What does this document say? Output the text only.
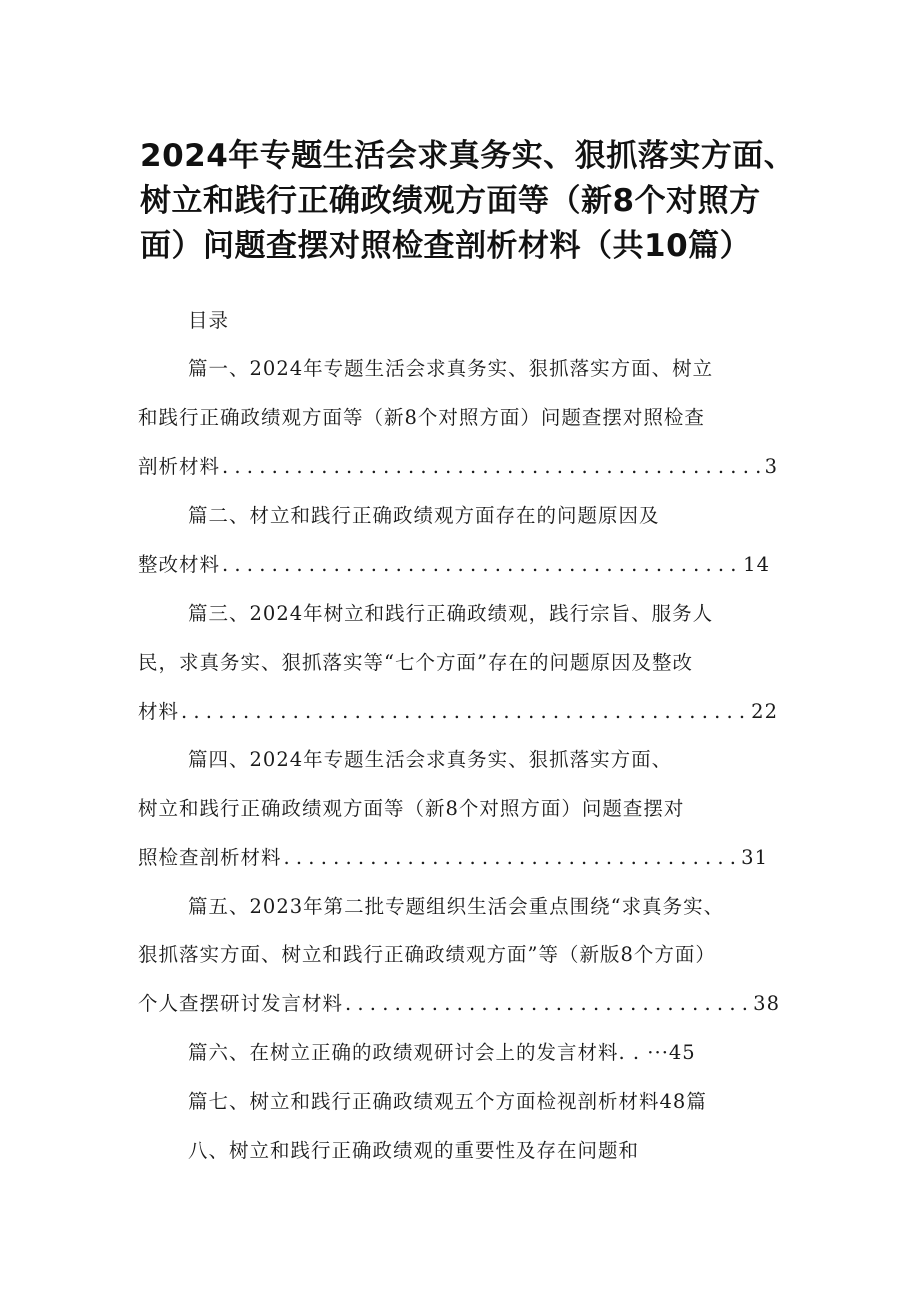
2024年专题生活会求真务实、狠抓落实方面、
树立和践行正确政绩观方面等（新8个对照方
面）问题查摆对照检查剖析材料（共10篇）
目录
篇一、2024年专题生活会求真务实、狠抓落实方面、树立
和践行正确政绩观方面等（新8个对照方面）问题查摆对照检查
剖析材料 . . .	3
篇二、材立和践行正确政绩观方面存在的问题原因及
整改材料 . . .	14
篇三、2024年树立和践行正确政绩观，践行宗旨、服务人
民，求真务实、狠抓落实等“七个方面”存在的问题原因及整改
材料 . . .	22
篇四、2024年专题生活会求真务实、狠抓落实方面、
树立和践行正确政绩观方面等（新8个对照方面）问题查摆对
照检查剖析材料 . . .	31
篇五、2023年第二批专题组织生活会重点围绕“求真务实、
狠抓落实方面、树立和践行正确政绩观方面”等（新版8个方面）
个人查摆研讨发言材料 . . .	38
篇六、在树立正确的政绩观研讨会上的发言材料. . ···45
篇七、树立和践行正确政绩观五个方面检视剖析材料48篇
八、树立和践行正确政绩观的重要性及存在问题和
